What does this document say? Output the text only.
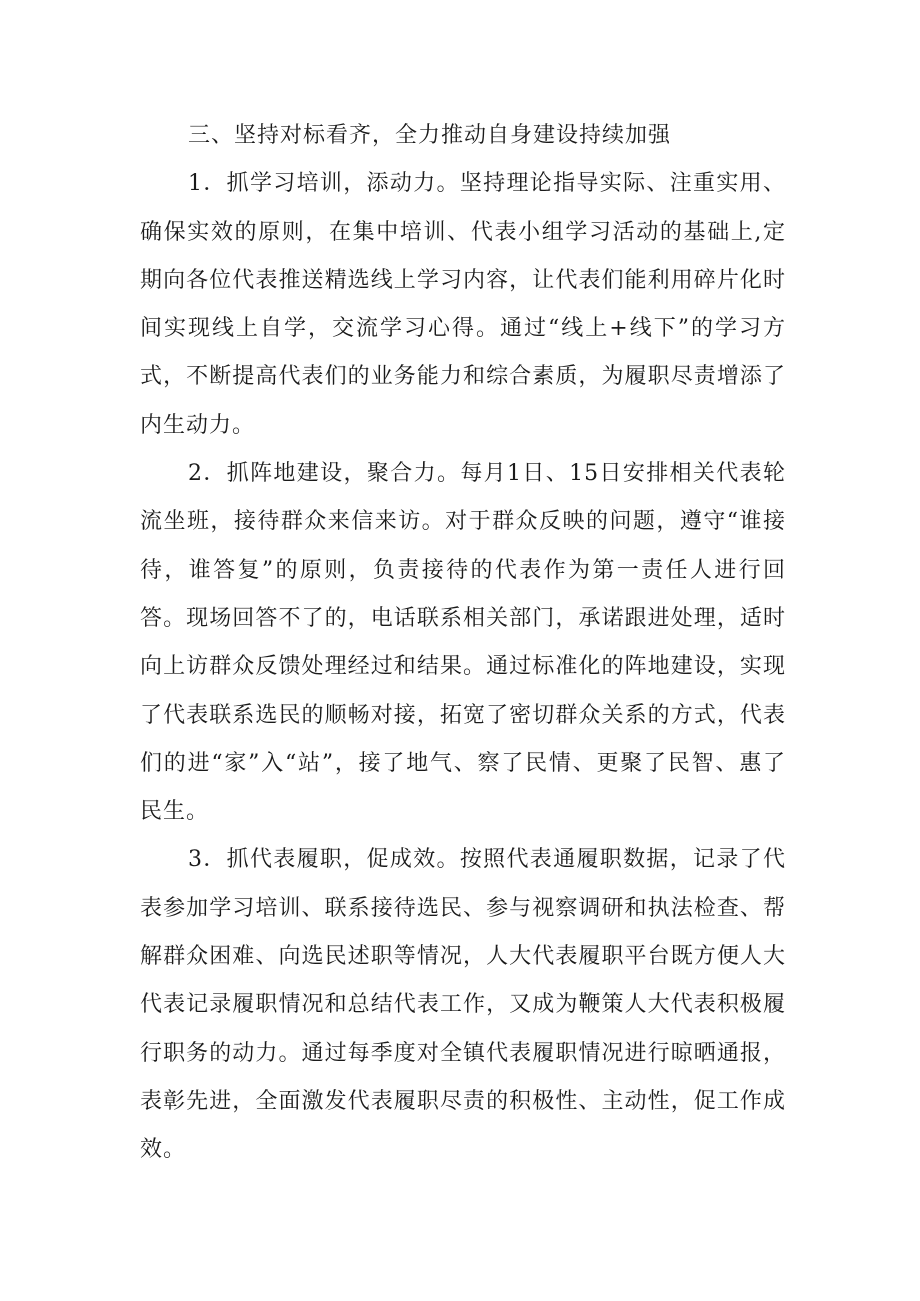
三、坚持对标看齐，全力推动自身建设持续加强

1．抓学习培训，添动力。坚持理论指导实际、注重实用、确保实效的原则，在集中培训、代表小组学习活动的基础上,定期向各位代表推送精选线上学习内容，让代表们能利用碎片化时间实现线上自学，交流学习心得。通过“线上+线下”的学习方式，不断提高代表们的业务能力和综合素质，为履职尽责增添了内生动力。

2．抓阵地建设，聚合力。每月1日、15日安排相关代表轮流坐班，接待群众来信来访。对于群众反映的问题，遵守“谁接待，谁答复”的原则，负责接待的代表作为第一责任人进行回答。现场回答不了的，电话联系相关部门，承诺跟进处理，适时向上访群众反馈处理经过和结果。通过标准化的阵地建设，实现了代表联系选民的顺畅对接，拓宽了密切群众关系的方式，代表们的进“家”入“站”，接了地气、察了民情、更聚了民智、惠了民生。

3．抓代表履职，促成效。按照代表通履职数据，记录了代表参加学习培训、联系接待选民、参与视察调研和执法检查、帮解群众困难、向选民述职等情况，人大代表履职平台既方便人大代表记录履职情况和总结代表工作，又成为鞭策人大代表积极履行职务的动力。通过每季度对全镇代表履职情况进行晾晒通报，表彰先进，全面激发代表履职尽责的积极性、主动性，促工作成效。
